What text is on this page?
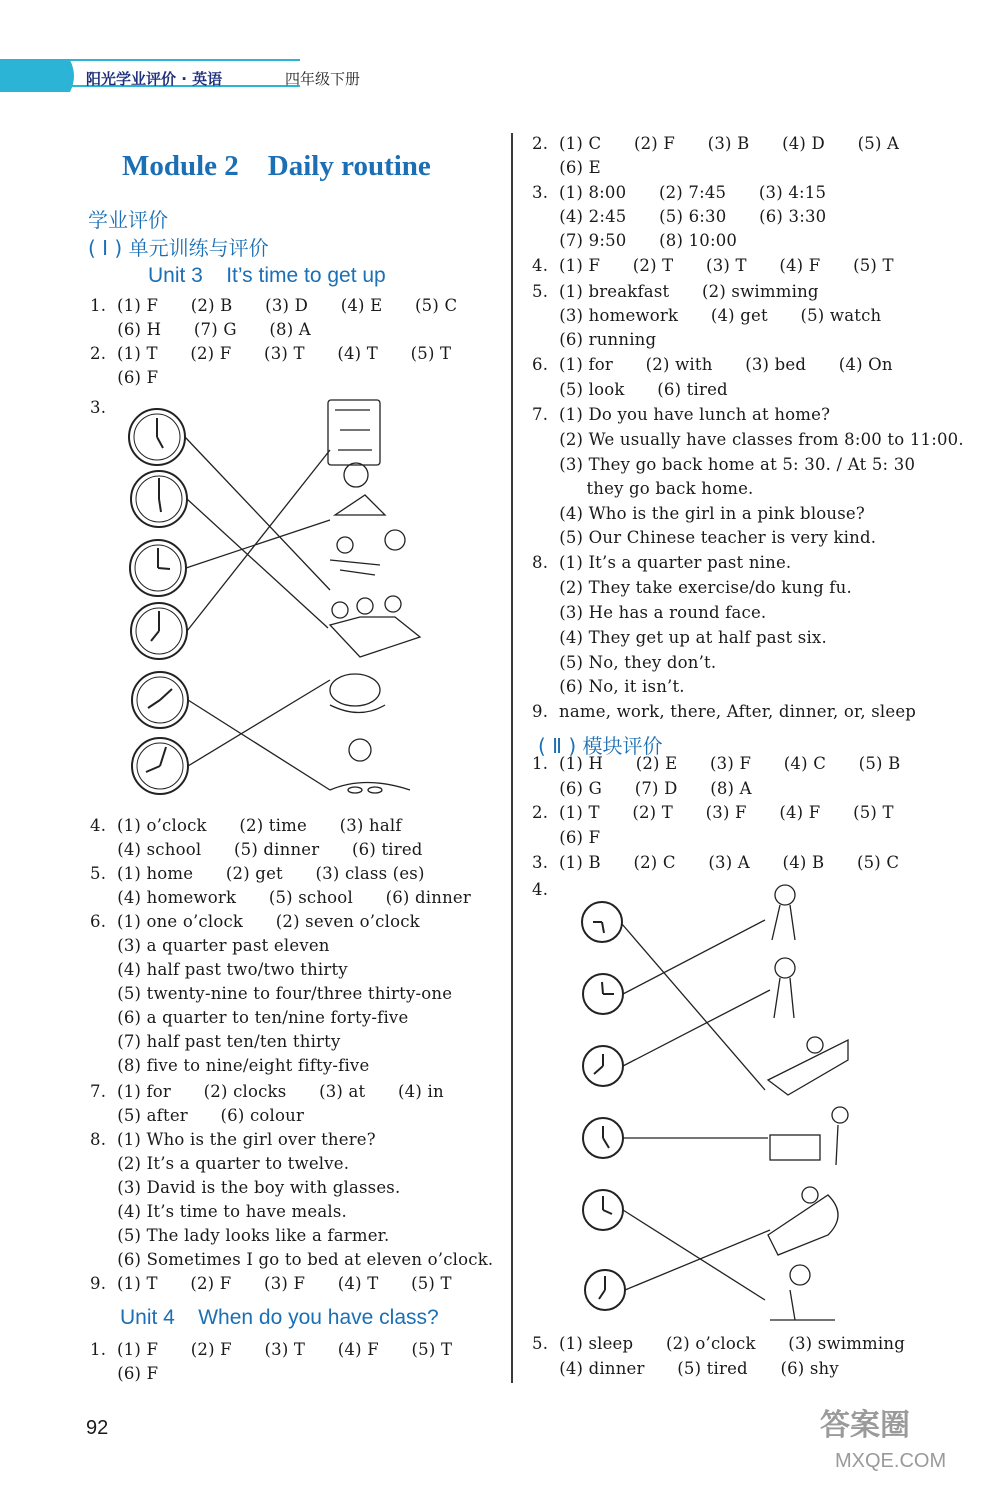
阳光学业评价 · 英语	四年级下册
Module 2    Daily routine
学业评价
( Ⅰ ) 单元训练与评价
Unit 3    It’s time to get up
1.  (1) F      (2) B      (3) D      (4) E      (5) C
(6) H      (7) G      (8) A
2.  (1) T      (2) F      (3) T      (4) T      (5) T
(6) F
3.
4.  (1) o’clock      (2) time      (3) half
(4) school      (5) dinner      (6) tired
5.  (1) home      (2) get      (3) class (es)
(4) homework      (5) school      (6) dinner
6.  (1) one o’clock      (2) seven o’clock
(3) a quarter past eleven
(4) half past two/two thirty
(5) twenty-nine to four/three thirty-one
(6) a quarter to ten/nine forty-five
(7) half past ten/ten thirty
(8) five to nine/eight fifty-five
7.  (1) for      (2) clocks      (3) at      (4) in
(5) after      (6) colour
8.  (1) Who is the girl over there?
(2) It’s a quarter to twelve.
(3) David is the boy with glasses.
(4) It’s time to have meals.
(5) The lady looks like a farmer.
(6) Sometimes I go to bed at eleven o’clock.
9.  (1) T      (2) F      (3) F      (4) T      (5) T
1.  (1) F      (2) F      (3) T      (4) F      (5) T
(6) F
Unit 4    When do you have class?
2.  (1) C      (2) F      (3) B      (4) D      (5) A
(6) E
3.  (1) 8:00      (2) 7:45      (3) 4:15
(4) 2:45      (5) 6:30      (6) 3:30
(7) 9:50      (8) 10:00
4.  (1) F      (2) T      (3) T      (4) F      (5) T
5.  (1) breakfast      (2) swimming
(3) homework      (4) get      (5) watch
(6) running
6.  (1) for      (2) with      (3) bed      (4) On
(5) look      (6) tired
7.  (1) Do you have lunch at home?
(2) We usually have classes from 8:00 to 11:00.
(3) They go back home at 5: 30. / At 5: 30
they go back home.
(4) Who is the girl in a pink blouse?
(5) Our Chinese teacher is very kind.
8.  (1) It’s a quarter past nine.
(2) They take exercise/do kung fu.
(3) He has a round face.
(4) They get up at half past six.
(5) No, they don’t.
(6) No, it isn’t.
9.  name, work, there, After, dinner, or, sleep
1.  (1) H      (2) E      (3) F      (4) C      (5) B
(6) G      (7) D      (8) A
2.  (1) T      (2) T      (3) F      (4) F      (5) T
(6) F
3.  (1) B      (2) C      (3) A      (4) B      (5) C
4.
5.  (1) sleep      (2) o’clock      (3) swimming
(4) dinner      (5) tired      (6) shy
( Ⅱ ) 模块评价
92	答案圈
MXQE.COM
